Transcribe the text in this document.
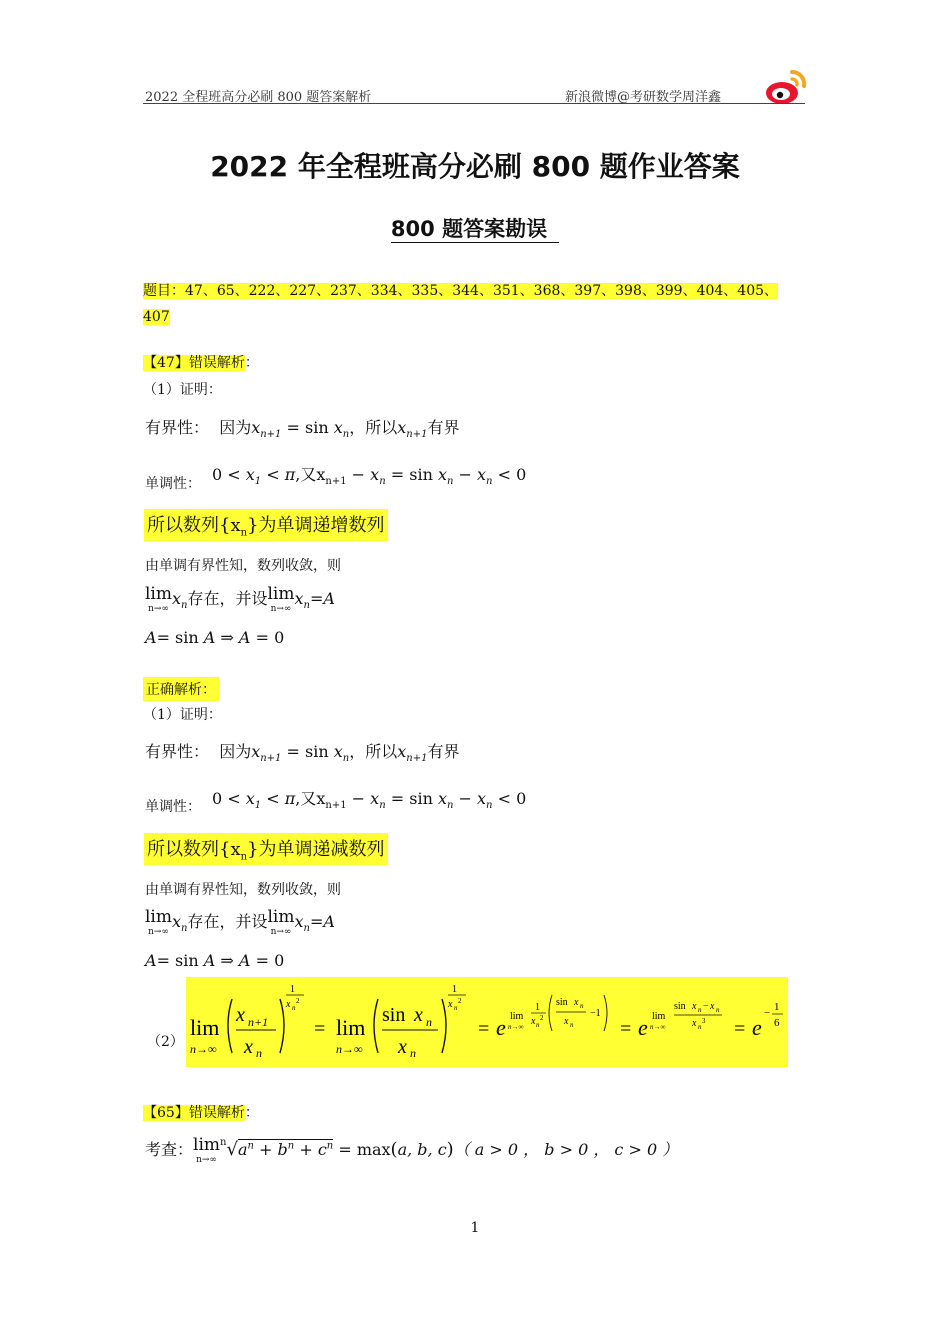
2022 全程班高分必刷 800 题答案解析	新浪微博@考研数学周洋鑫
2022 年全程班高分必刷 800 题作业答案
800 题答案勘误
题目：47、65、222、227、237、334、335、344、351、368、397、398、399、404、405、
407
【47】错误解析：
（1）证明：
有界性： 因为$x_{n+1} = \sin x_n$，所以$x_{n+1}$有界
单调性： $0 < x_1 < \pi$,又$x_{n+1} - x_n = \sin x_n - x_n < 0$
所以数列$\{x_n\}$为单调递增数列
由单调有界性知，数列收敛，则
lim
n→∞
$x_n$存在，并设 lim
n→∞
$x_n=A$
A= sin A ⇒ A = 0
正确解析：
（1）证明：
有界性： 因为$x_{n+1} = \sin x_n$，所以$x_{n+1}$有界
单调性： $0 < x_1 < \pi$,又$x_{n+1} - x_n = \sin x_n - x_n < 0$
所以数列$\{x_n\}$为单调递减数列
由单调有界性知，数列收敛，则
lim
n→∞
$x_n$存在，并设 lim
n→∞
$x_n=A$
A= sin A ⇒ A = 0
（2）
lim
n→∞
x n+1
x n
1
x n
2
= lim
n→∞
sin x n
x n
1
x n
2
= e lim
n→∞
1
x n
2
sin x n
x n
−1
= e lim
n→∞
sin x n − x n
x n
3 = e
− 1
6
【65】错误解析：
考查： lim
n→∞
$^n√a^n + b^n + c^n = \max(a$, b, c)（ a > 0 ， b > 0 ， c > 0 ）
1
